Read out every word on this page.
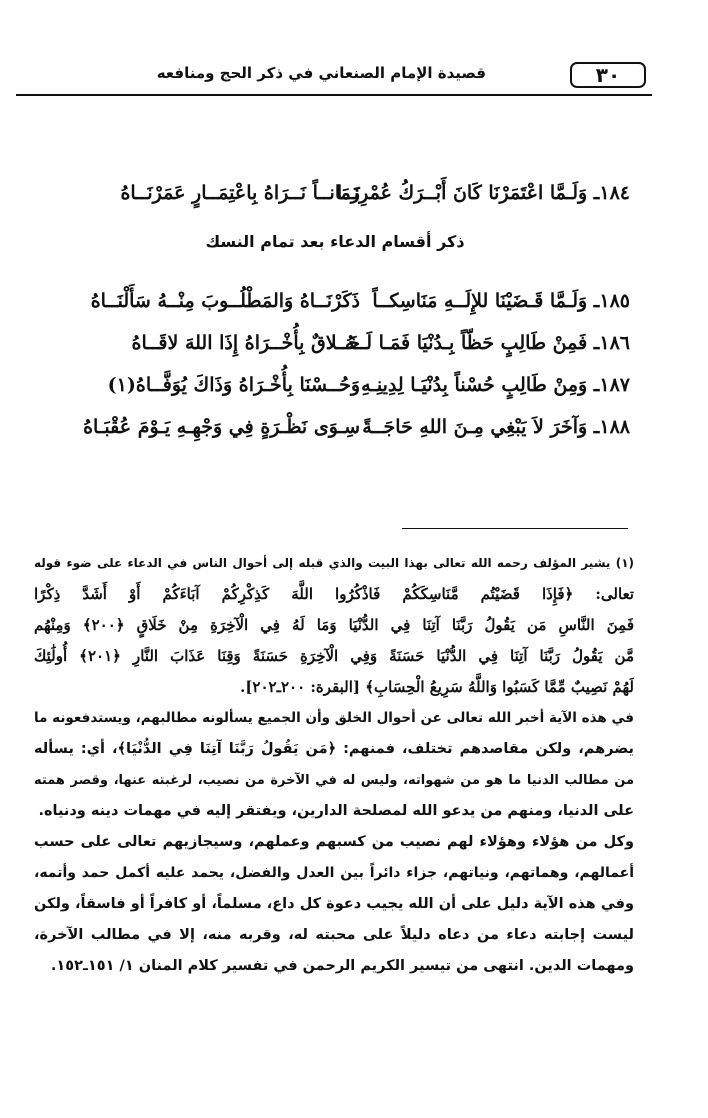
٣٠
قصيدة الإمام الصنعاني في ذكر الحج ومنافعه
١٨٤ـ وَلَـمَّا اعْتَمَرْنَا كَانَ أَبْــرَكُ عُمْرِنَــا
زَمَانــاً نَــرَاهُ بِاعْتِمَــارٍ عَمَرْنَــاهُ
ذكر أقسام الدعاء بعد تمام النسك
١٨٥ـ وَلَـمَّا قَـضَيْنَا للإِلَــهِ مَنَاسِكــاً
ذَكَرْنَــاهُ وَالمَطْلُــوبَ مِنْــهُ سَأَلْنَــاهُ
١٨٦ـ فَمِنْ طَالِبٍ حَظّاً بِـدُنْيَا فَمَـا لَــهُ
خَــلاقٌ بِأُخْــرَاهُ إِذَا اللهَ لاقَــاهُ
١٨٧ـ وَمِنْ طَالِبٍ حُسْناً بِدُنْيَـا لِدِينِـهِ
وَحُــسْنَا بِأُخْـرَاهُ وَذَاكَ يُوَفَّــاهُ(١)
١٨٨ـ وَآخَرَ لاَ يَبْغِي مِـنَ اللهِ حَاجَــةً
سِـوَى نَظْـرَةٍ فِي وَجْهِـهِ يَـوْمَ عُقْبَـاهُ
(١) يشير المؤلف رحمه الله تعالى بهذا البيت والذي قبله إلى أحوال الناس في الدعاء على ضوء قوله
تعالى: ﴿فَإِذَا قَضَيْتُم مَّنَاسِكَكُمْ فَاذْكُرُوا اللَّهَ كَذِكْرِكُمْ آبَاءَكُمْ أَوْ أَشَدَّ ذِكْرًا
فَمِنَ النَّاسِ مَن يَقُولُ رَبَّنَا آتِنَا فِي الدُّنْيَا وَمَا لَهُ فِي الْآخِرَةِ مِنْ خَلَاقٍ ﴿٢٠٠﴾ وَمِنْهُم
مَّن يَقُولُ رَبَّنَا آتِنَا فِي الدُّنْيَا حَسَنَةً وَفِي الْآخِرَةِ حَسَنَةً وَقِنَا عَذَابَ النَّارِ ﴿٢٠١﴾ أُولَٰئِكَ
لَهُمْ نَصِيبٌ مِّمَّا كَسَبُوا وَاللَّهُ سَرِيعُ الْحِسَابِ﴾ [البقرة: ٢٠٠ـ٢٠٢].
في هذه الآية أخبر الله تعالى عن أحوال الخلق وأن الجميع يسألونه مطالبهم، ويستدفعونه ما
يضرهم، ولكن مقاصدهم تختلف، فمنهم: ﴿مَن يَقُولُ رَبَّنَا آتِنَا فِي الدُّنْيَا﴾، أي: يسأله
من مطالب الدنيا ما هو من شهواته، وليس له في الآخرة من نصيب، لرغبته عنها، وقصر همته
على الدنيا، ومنهم من يدعو الله لمصلحة الدارين، ويفتقر إليه في مهمات دينه ودنياه.
وكل من هؤلاء وهؤلاء لهم نصيب من كسبهم وعملهم، وسيجازيهم تعالى على حسب
أعمالهم، وهماتهم، ونياتهم، جزاء دائراً بين العدل والفضل، يحمد عليه أكمل حمد وأتمه،
وفي هذه الآية دليل على أن الله يجيب دعوة كل داع، مسلماً، أو كافراً أو فاسقاً، ولكن
ليست إجابته دعاء من دعاه دليلاً على محبته له، وقربه منه، إلا في مطالب الآخرة،
ومهمات الدين. انتهى من تيسير الكريم الرحمن في تفسير كلام المنان ١/ ١٥١ـ١٥٢.
